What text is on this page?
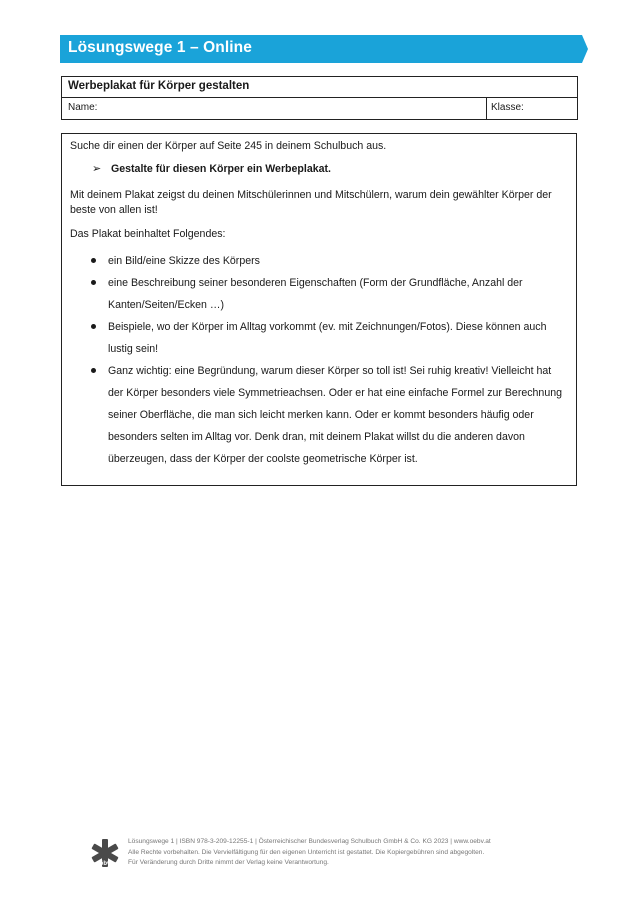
Lösungswege 1 – Online
Werbeplakat für Körper gestalten
Name:	Klasse:

Suche dir einen der Körper auf Seite 245 in deinem Schulbuch aus.

➢ Gestalte für diesen Körper ein Werbeplakat.

Mit deinem Plakat zeigst du deinen Mitschülerinnen und Mitschülern, warum dein gewählter Körper der beste von allen ist!

Das Plakat beinhaltet Folgendes:

ein Bild/eine Skizze des Körpers
eine Beschreibung seiner besonderen Eigenschaften (Form der Grundfläche, Anzahl der Kanten/Seiten/Ecken …)
Beispiele, wo der Körper im Alltag vorkommt (ev. mit Zeichnungen/Fotos). Diese können auch lustig sein!
Ganz wichtig: eine Begründung, warum dieser Körper so toll ist! Sei ruhig kreativ! Vielleicht hat der Körper besonders viele Symmetrieachsen. Oder er hat eine einfache Formel zur Berechnung seiner Oberfläche, die man sich leicht merken kann. Oder er kommt besonders häufig oder besonders selten im Alltag vor. Denk dran, mit deinem Plakat willst du die anderen davon überzeugen, dass der Körper der coolste geometrische Körper ist.
öbv
Lösungswege 1 | ISBN 978-3-209-12255-1 | Österreichischer Bundesverlag Schulbuch GmbH & Co. KG 2023 | www.oebv.at
Alle Rechte vorbehalten. Die Vervielfältigung für den eigenen Unterricht ist gestattet. Die Kopiergebühren sind abgegolten.
Für Veränderung durch Dritte nimmt der Verlag keine Verantwortung.
